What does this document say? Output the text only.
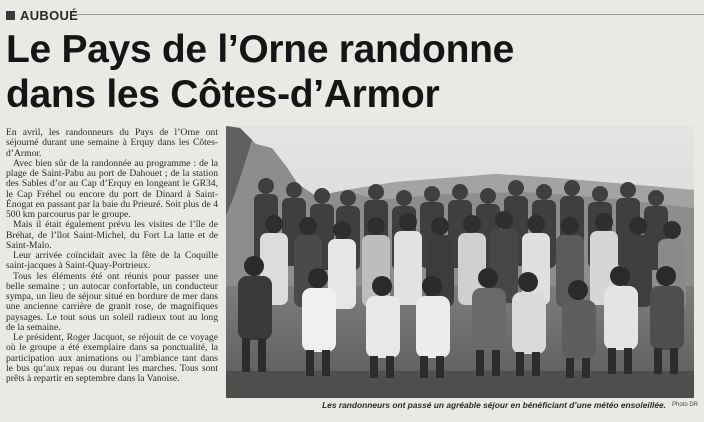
AUBOUÉ
Le Pays de l’Orne randonne
dans les Côtes-d’Armor

En avril, les randonneurs du Pays de l’Orne ont séjourné durant une semaine à Erquy dans les Côtes-d’Armor.

Avec bien sûr de la randonnée au programme : de la plage de Saint-Pabu au port de Dahouet ; de la station des Sables d’or au Cap d’Erquy en longeant le GR34, le Cap Fréhel ou encore du port de Dinard à Saint-Énogat en passant par la baie du Prieuré. Soit plus de 4 500 km parcourus par le groupe.

Mais il était également prévu les visites de l’île de Bréhat, de l’îlot Saint-Michel, du Fort La latte et de Saint-Malo.

Leur arrivée coïncidait avec la fête de la Coquille saint-jacques à Saint-Quay-Portrieux.

Tous les éléments été ont réunis pour passer une belle semaine ; un autocar confortable, un conducteur sympa, un lieu de séjour situé en bordure de mer dans une ancienne carrière de granit rose, de magnifiques paysages. Le tout sous un soleil radieux tout au long de la semaine.

Le président, Roger Jacquot, se réjouit de ce voyage où le groupe a été exemplaire dans sa ponctualité, la participation aux animations ou l’ambiance tant dans le bus qu’aux repas ou durant les marches. Tous sont prêts à repartir en septembre dans la Vanoise.

Les randonneurs ont passé un agréable séjour en bénéficiant d’une météo ensoleillée. Photo DR
